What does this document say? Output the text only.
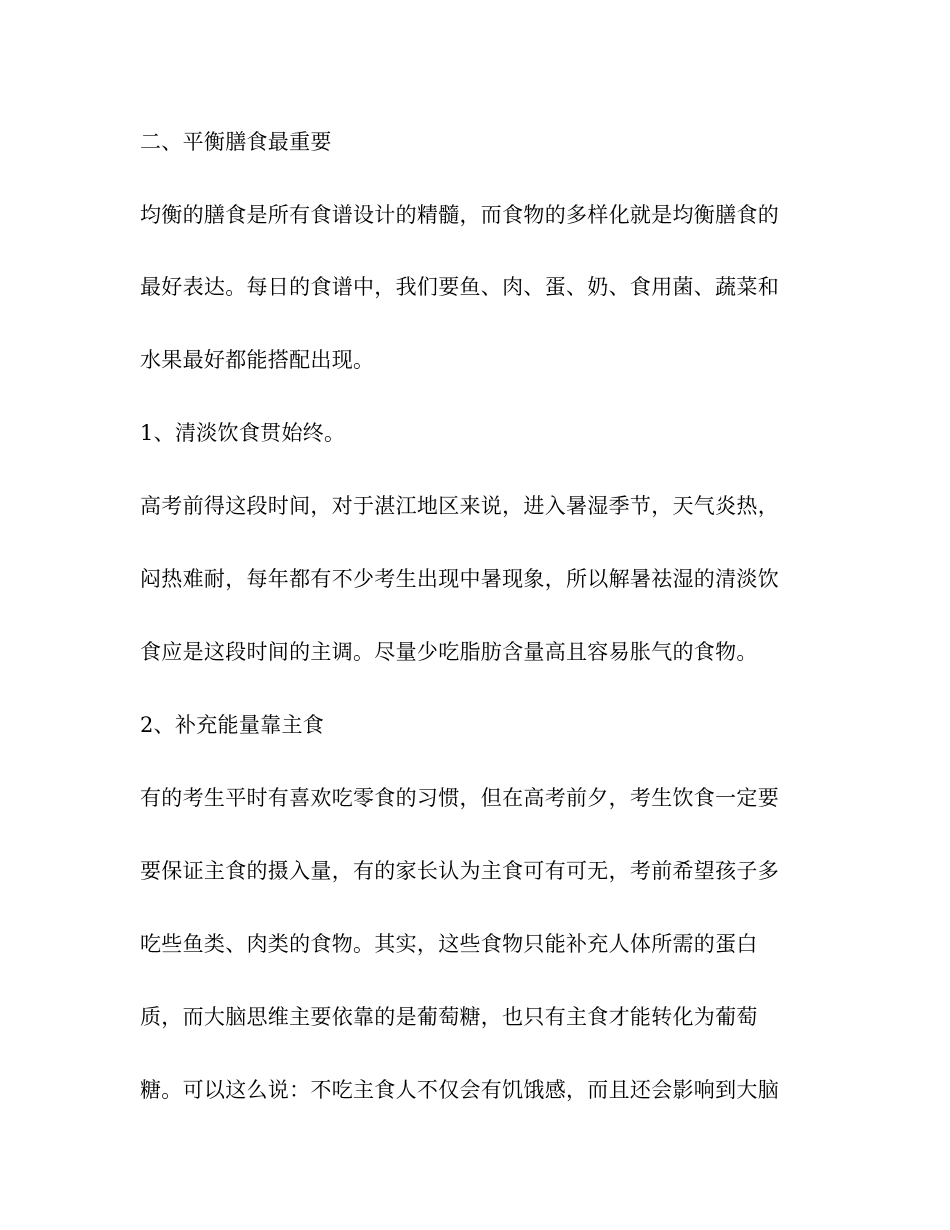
二、平衡膳食最重要
均衡的膳食是所有食谱设计的精髓，而食物的多样化就是均衡膳食的
最好表达。每日的食谱中，我们要鱼、肉、蛋、奶、食用菌、蔬菜和
水果最好都能搭配出现。
1、清淡饮食贯始终。
高考前得这段时间，对于湛江地区来说，进入暑湿季节，天气炎热，
闷热难耐，每年都有不少考生出现中暑现象，所以解暑祛湿的清淡饮
食应是这段时间的主调。尽量少吃脂肪含量高且容易胀气的食物。
2、补充能量靠主食
有的考生平时有喜欢吃零食的习惯，但在高考前夕，考生饮食一定要
要保证主食的摄入量，有的家长认为主食可有可无，考前希望孩子多
吃些鱼类、肉类的食物。其实，这些食物只能补充人体所需的蛋白
质，而大脑思维主要依靠的是葡萄糖，也只有主食才能转化为葡萄
糖。可以这么说：不吃主食人不仅会有饥饿感，而且还会影响到大脑
